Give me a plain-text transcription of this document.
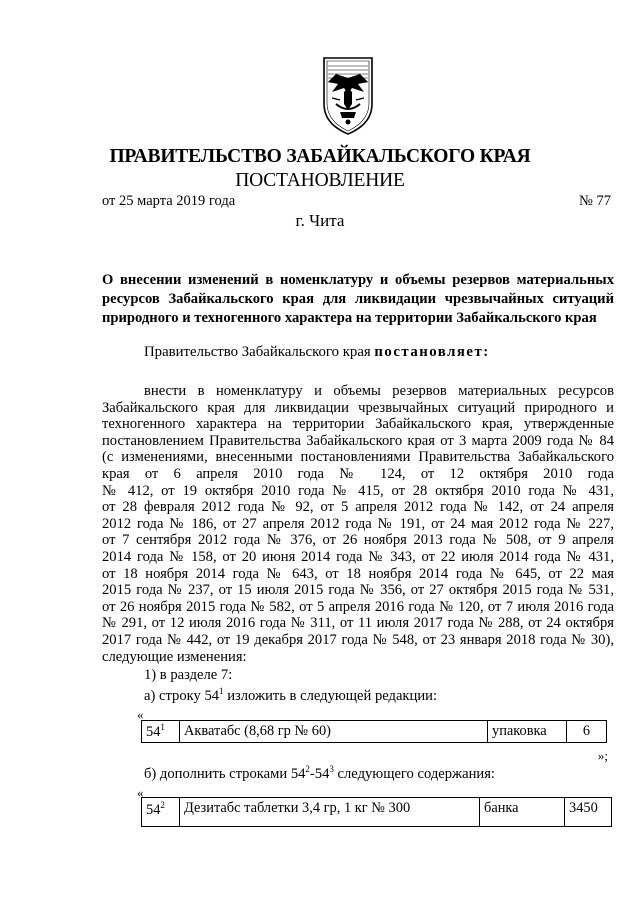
ПРАВИТЕЛЬСТВО ЗАБАЙКАЛЬСКОГО КРАЯ
ПОСТАНОВЛЕНИЕ
от 25 марта 2019 года	№ 77
г. Чита
О внесении изменений в номенклатуру и объемы резервов материальных
ресурсов Забайкальского края для ликвидации чрезвычайных ситуаций
природного и техногенного характера на территории Забайкальского края
Правительство Забайкальского края постановляет:
внести в номенклатуру и объемы резервов материальных ресурсов
Забайкальского края для ликвидации чрезвычайных ситуаций природного и
техногенного характера на территории Забайкальского края, утвержденные
постановлением Правительства Забайкальского края от 3 марта 2009 года № 84
(с изменениями, внесенными постановлениями Правительства Забайкальского
края от 6 апреля 2010 года № 124, от 12 октября 2010 года
№ 412, от 19 октября 2010 года № 415, от 28 октября 2010 года № 431,
от 28 февраля 2012 года № 92, от 5 апреля 2012 года № 142, от 24 апреля
2012 года № 186, от 27 апреля 2012 года № 191, от 24 мая 2012 года № 227,
от 7 сентября 2012 года № 376, от 26 ноября 2013 года № 508, от 9 апреля
2014 года № 158, от 20 июня 2014 года № 343, от 22 июля 2014 года № 431,
от 18 ноября 2014 года № 643, от 18 ноября 2014 года № 645, от 22 мая
2015 года № 237, от 15 июля 2015 года № 356, от 27 октября 2015 года № 531,
от 26 ноября 2015 года № 582, от 5 апреля 2016 года № 120, от 7 июля 2016 года
№ 291, от 12 июля 2016 года № 311, от 11 июля 2017 года № 288, от 24 октября
2017 года № 442, от 19 декабря 2017 года № 548, от 23 января 2018 года № 30),
следующие изменения:
1) в разделе 7:
а) строку $54^1$ изложить в следующей редакции:
«
$54^1$	Акватабс (8,68 гр № 60)	упаковка	6
»;
б) дополнить строками $54^2-54^3$ следующего содержания:
«
$54^2$	Дезитабс таблетки 3,4 гр, 1 кг № 300	банка	3450
